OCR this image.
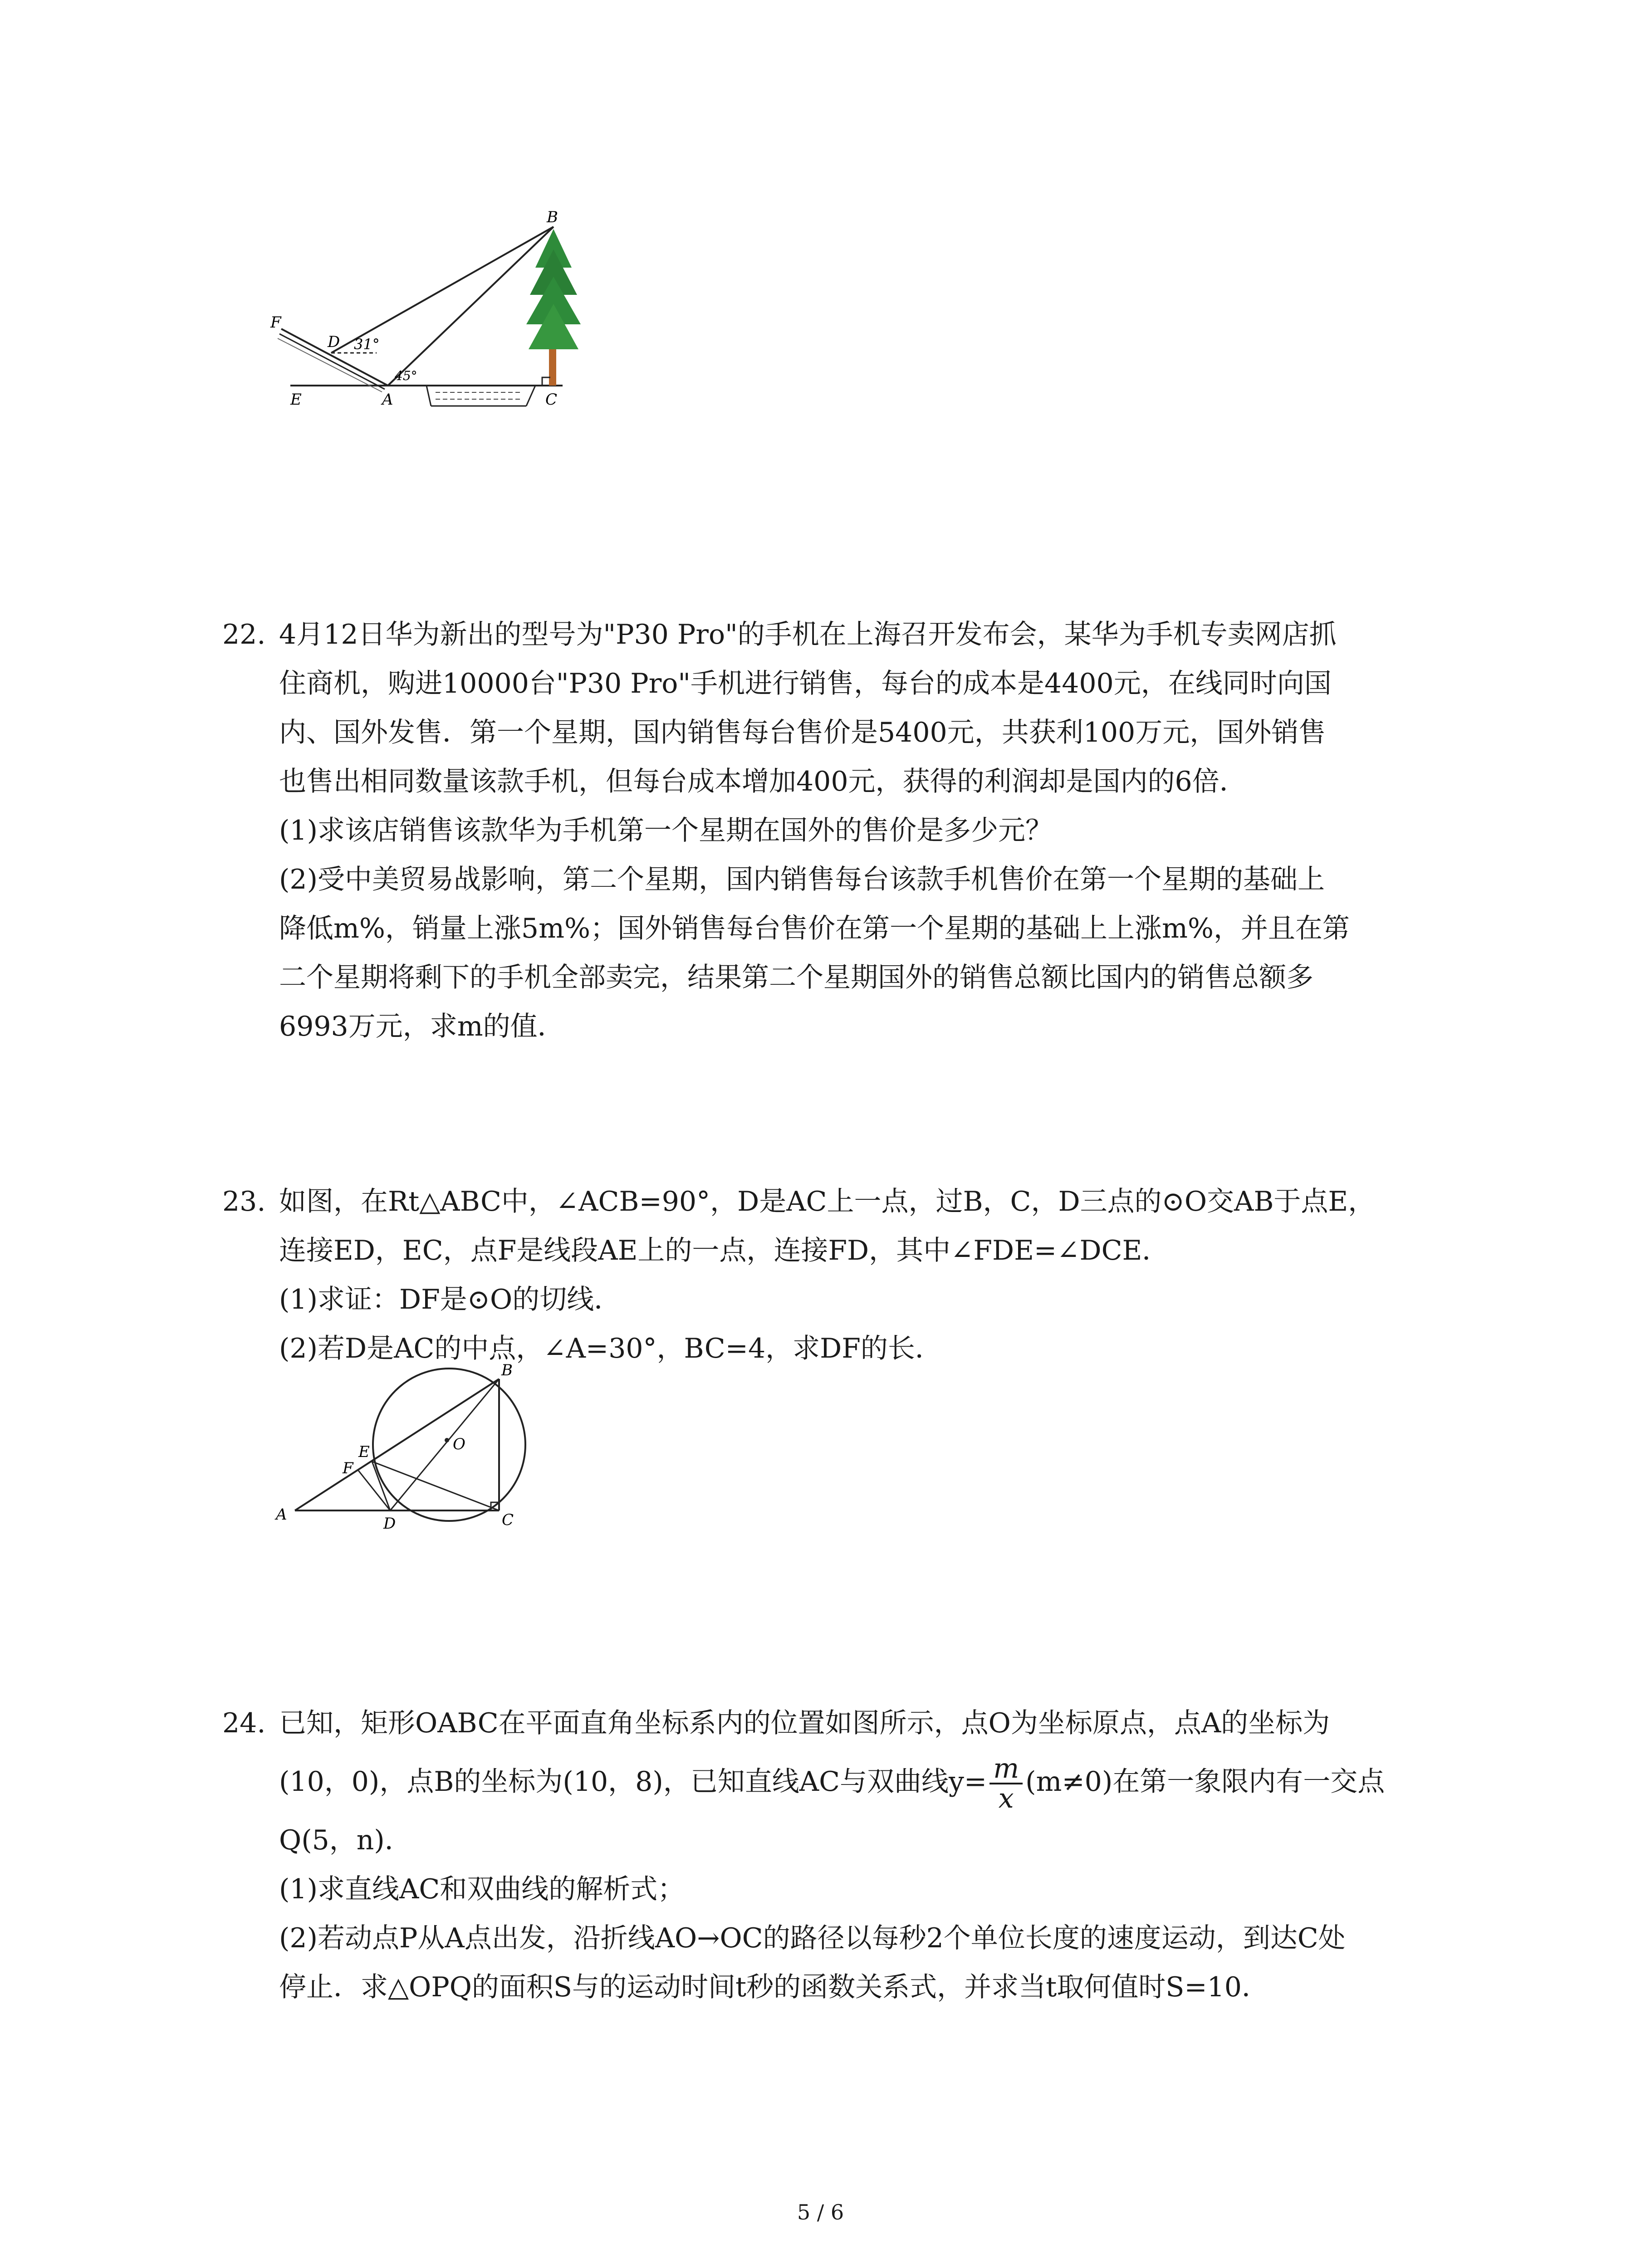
B
F
D
E	A	C
31°
45°
22. 4月12日华为新出的型号为"P30 Pro"的手机在上海召开发布会，某华为手机专卖网店抓
住商机，购进10000台"P30 Pro"手机进行销售，每台的成本是4400元，在线同时向国
内、国外发售．第一个星期，国内销售每台售价是5400元，共获利100万元，国外销售
也售出相同数量该款手机，但每台成本增加400元，获得的利润却是国内的6倍．
(1)求该店销售该款华为手机第一个星期在国外的售价是多少元？
(2)受中美贸易战影响，第二个星期，国内销售每台该款手机售价在第一个星期的基础上
降低m%，销量上涨5m%；国外销售每台售价在第一个星期的基础上上涨m%，并且在第
二个星期将剩下的手机全部卖完，结果第二个星期国外的销售总额比国内的销售总额多
6993万元，求m的值．
23. 如图，在Rt△ABC中，∠ACB=90°，D是AC上一点，过B，C，D三点的⊙O交AB于点E，
连接ED，EC，点F是线段AE上的一点，连接FD，其中∠FDE=∠DCE．
(1)求证：DF是⊙O的切线．
(2)若D是AC的中点，∠A=30°，BC=4，求DF的长．
B
E
F
O
A	D	C
24. 已知，矩形OABC在平面直角坐标系内的位置如图所示，点O为坐标原点，点A的坐标为
(10，0)，点B的坐标为(10，8)，已知直线AC与双曲线$y= \frac{m}{x} (m\ne 0)$在第一象限内有一交点
Q(5，n)．
(1)求直线AC和双曲线的解析式；
(2)若动点P从A点出发，沿折线AO→OC的路径以每秒2个单位长度的速度运动，到达C处
停止．求△OPQ的面积S与的运动时间t秒的函数关系式，并求当t取何值时S=10．
5 / 6
